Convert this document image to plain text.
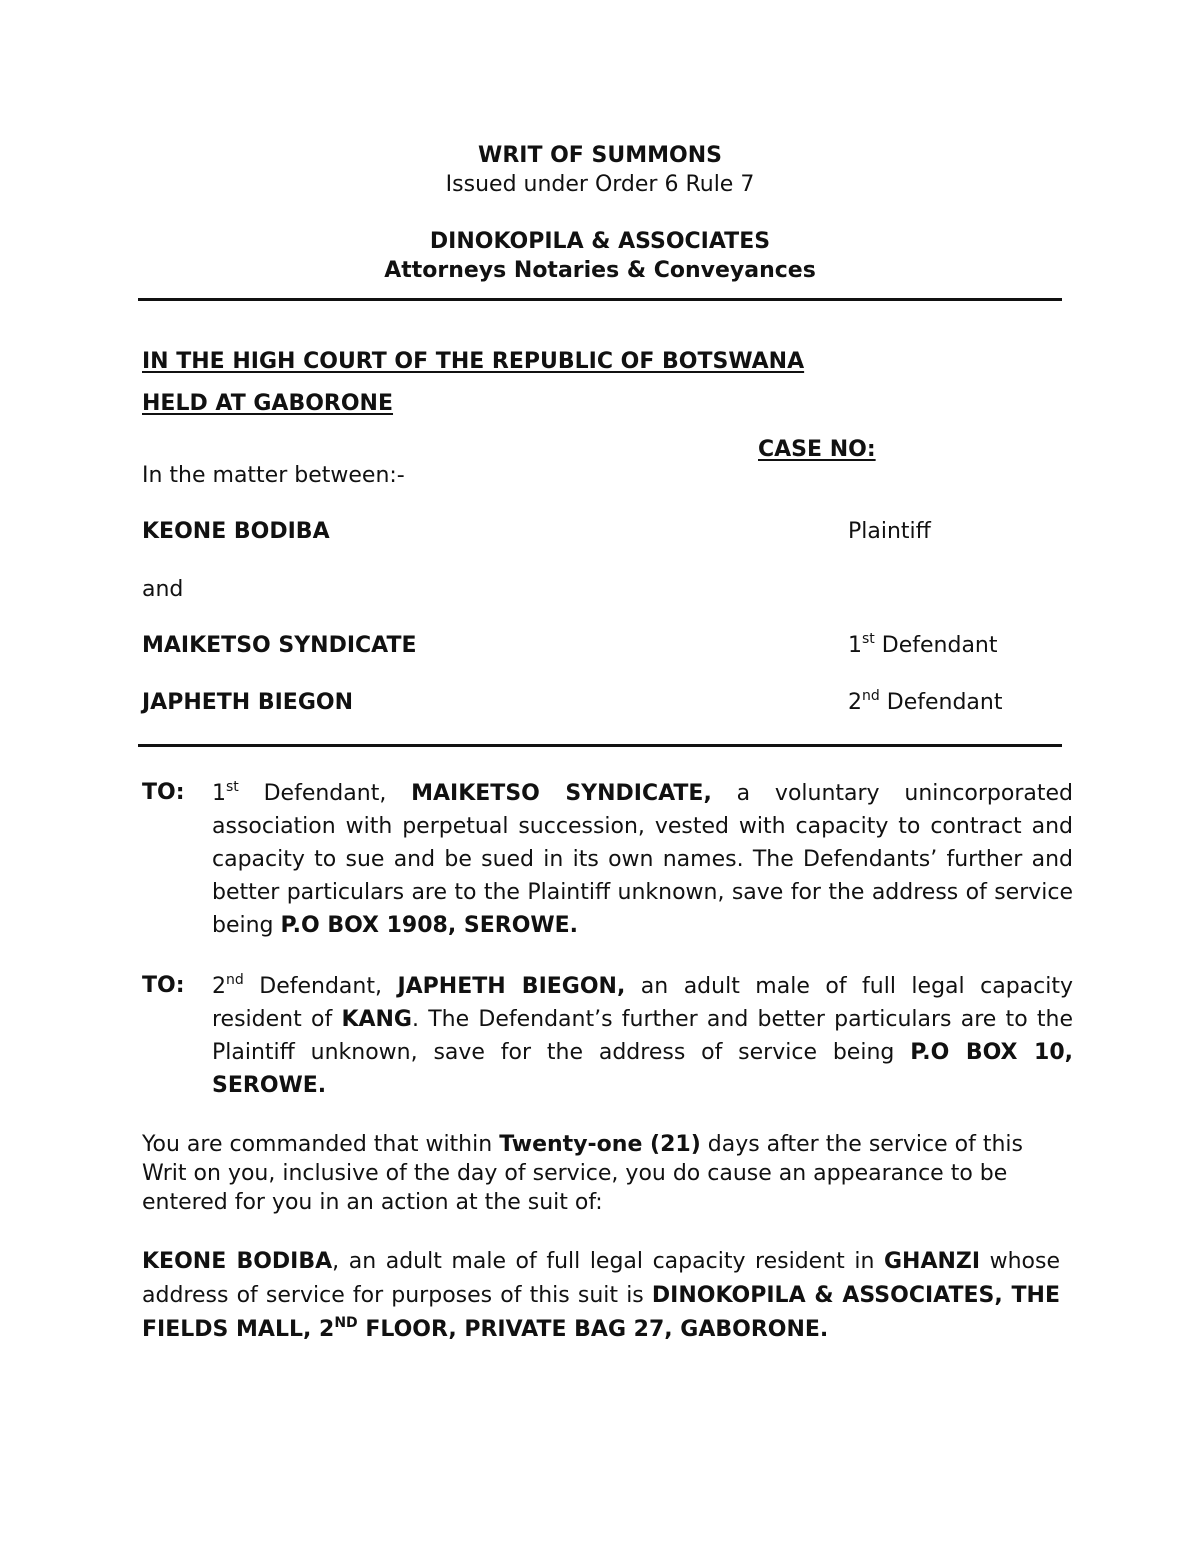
WRIT OF SUMMONS
Issued under Order 6 Rule 7
DINOKOPILA & ASSOCIATES
Attorneys Notaries & Conveyances
IN THE HIGH COURT OF THE REPUBLIC OF BOTSWANA
HELD AT GABORONE
CASE NO:
In the matter between:-
KEONE BODIBA	Plaintiff
and
MAIKETSO SYNDICATE	1st Defendant
JAPHETH BIEGON	2nd Defendant
TO: 1st Defendant, MAIKETSO SYNDICATE, a voluntary unincorporated association with perpetual succession, vested with capacity to contract and capacity to sue and be sued in its own names. The Defendants’ further and better particulars are to the Plaintiff unknown, save for the address of service being P.O BOX 1908, SEROWE.
TO: 2nd Defendant, JAPHETH BIEGON, an adult male of full legal capacity resident of KANG. The Defendant’s further and better particulars are to the Plaintiff unknown, save for the address of service being P.O BOX 10, SEROWE.
You are commanded that within Twenty-one (21) days after the service of this Writ on you, inclusive of the day of service, you do cause an appearance to be entered for you in an action at the suit of:
KEONE BODIBA, an adult male of full legal capacity resident in GHANZI whose address of service for purposes of this suit is DINOKOPILA & ASSOCIATES, THE FIELDS MALL, 2ND FLOOR, PRIVATE BAG 27, GABORONE.
